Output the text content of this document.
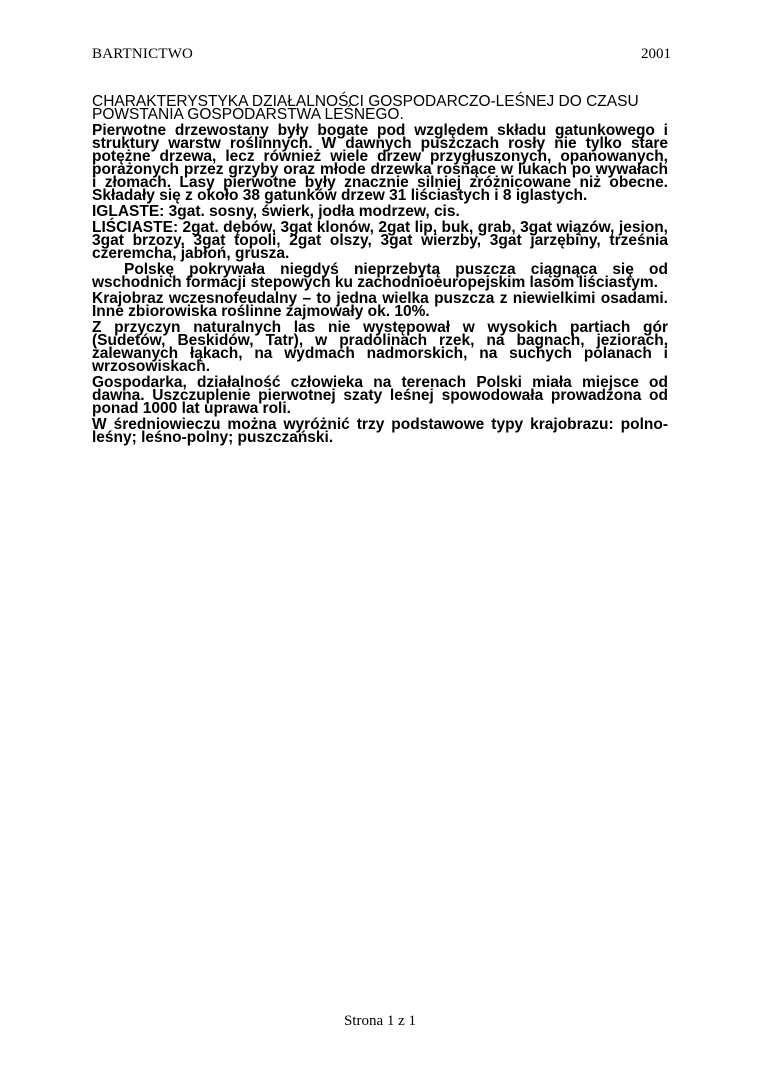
BARTNICTWO	2001

CHARAKTERYSTYKA DZIAŁALNOŚCI GOSPODARCZO-LEŚNEJ DO CZASU POWSTANIA GOSPODARSTWA LEŚNEGO.

Pierwotne drzewostany były bogate pod względem składu gatunkowego i struktury warstw roślinnych. W dawnych puszczach rosły nie tylko stare potężne drzewa, lecz również wiele drzew przygłuszonych, opanowanych, porażonych przez grzyby oraz młode drzewka rosnące w lukach po wywałach i złomach. Lasy pierwotne były znacznie silniej zróżnicowane niż obecne. Składały się z około 38 gatunków drzew 31 liściastych i 8 iglastych.

IGLASTE: 3gat. sosny, świerk, jodła modrzew, cis.

LIŚCIASTE: 2gat. dębów, 3gat klonów, 2gat lip, buk, grab, 3gat wiązów, jesion, 3gat brzozy, 3gat topoli, 2gat olszy, 3gat wierzby, 3gat jarzębiny, trześnia czeremcha, jabłoń, grusza.

Polskę pokrywała niegdyś nieprzebytą puszcza ciągnąca się od wschodnich formacji stepowych ku zachodnioeuropejskim lasom liściastym.

Krajobraz wczesnofeudalny – to jedna wielka puszcza z niewielkimi osadami. Inne zbiorowiska roślinne zajmowały ok. 10%.

Z przyczyn naturalnych las nie występował w wysokich partiach gór (Sudetów, Beskidów, Tatr), w pradolinach rzek, na bagnach, jeziorach, zalewanych łąkach, na wydmach nadmorskich, na suchych polanach i wrzosowiskach.

Gospodarka, działalność człowieka na terenach Polski miała miejsce od dawna. Uszczuplenie pierwotnej szaty leśnej spowodowała prowadzona od ponad 1000 lat uprawa roli.

W średniowieczu można wyróżnić trzy podstawowe typy krajobrazu: polno-leśny; leśno-polny; puszczański.

Strona 1 z 1
